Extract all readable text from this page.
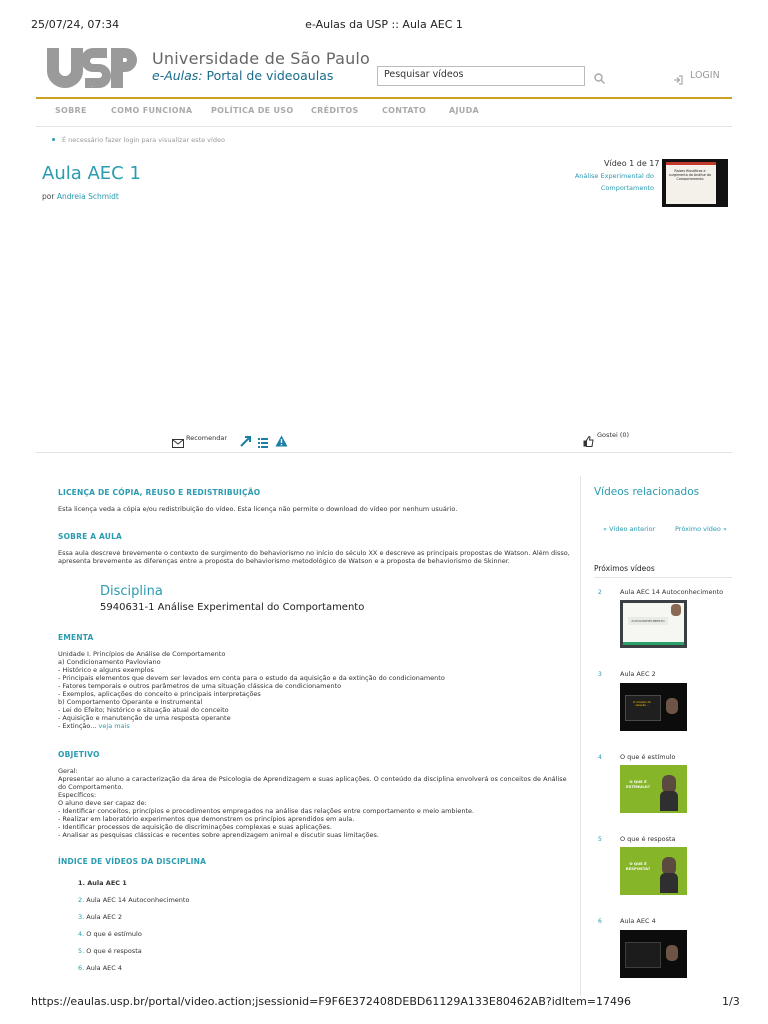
25/07/24, 07:34	e-Aulas da USP :: Aula AEC 1
USP
Universidade de São Paulo
e-Aulas: Portal de videoaulas	Pesquisar vídeos	LOGIN
SOBRE	COMO FUNCIONA POLÍTICA DE USO CRÉDITOS	CONTATO	AJUDA
É necessário fazer login para visualizar este vídeo
Aula AEC 1
por Andreia Schmidt
Vídeo 1 de 17
Análise Experimental do
Comportamento
Raízes filosóficas e surgimento da Análise do Comportamento
Recomendar	Gostei (0)
LICENÇA DE CÓPIA, REUSO E REDISTRIBUIÇÃO
Esta licença veda a cópia e/ou redistribuição do vídeo. Esta licença não permite o download do vídeo por nenhum usuário.
SOBRE A AULA
Essa aula descreve brevemente o contexto de surgimento do behaviorismo no início do século XX e descreve as principais propostas de Watson. Além disso,
apresenta brevemente as diferenças entre a proposta do behaviorismo metodológico de Watson e a proposta de behaviorismo de Skinner.
Disciplina
5940631-1 Análise Experimental do Comportamento
EMENTA
Unidade I. Princípios de Análise de Comportamento
a) Condicionamento Pavloviano
- Histórico e alguns exemplos
- Principais elementos que devem ser levados em conta para o estudo da aquisição e da extinção do condicionamento
- Fatores temporais e outros parâmetros de uma situação clássica de condicionamento
- Exemplos, aplicações do conceito e principais interpretações
b) Comportamento Operante e Instrumental
- Lei do Efeito; histórico e situação atual do conceito
- Aquisição e manutenção de uma resposta operante
- Extinção... veja mais
OBJETIVO
Geral:
Apresentar ao aluno a caracterização da área de Psicologia de Aprendizagem e suas aplicações. O conteúdo da disciplina envolverá os conceitos de Análise
do Comportamento.
Específicos:
O aluno deve ser capaz de:
- Identificar conceitos, princípios e procedimentos empregados na análise das relações entre comportamento e meio ambiente.
- Realizar em laboratório experimentos que demonstrem os princípios aprendidos em aula.
- Identificar processos de aquisição de discriminações complexas e suas aplicações.
- Analisar as pesquisas clássicas e recentes sobre aprendizagem animal e discutir suas limitações.
ÍNDICE DE VÍDEOS DA DISCIPLINA
1. Aula AEC 1
2. Aula AEC 14 Autoconhecimento
3. Aula AEC 2
4. O que é estímulo
5. O que é resposta
6. Aula AEC 4
Vídeos relacionados
« Vídeo anterior	Próximo vídeo »
Próximos vídeos
2	Aula AEC 14 Autoconhecimento
AUTOCONHECIMENTO
3	Aula AEC 2
O modelo de seleção...
4	O que é estímulo
O QUE É ESTÍMULO?
5	O que é resposta
O QUE É RESPOSTA?
6	Aula AEC 4
https://eaulas.usp.br/portal/video.action;jsessionid=F9F6E372408DEBD61129A133E80462AB?idItem=17496	1/3
